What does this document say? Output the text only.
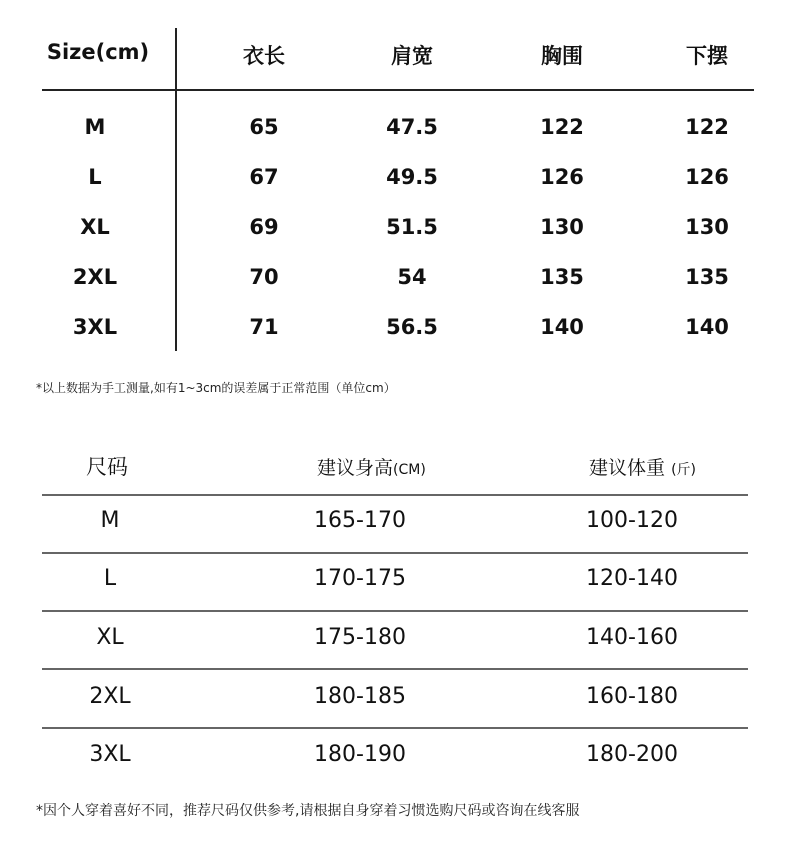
Size(cm)	衣长	肩宽	胸围	下摆
M	65	47.5	122	122
L	67	49.5	126	126
XL	69	51.5	130	130
2XL	70	54	135	135
3XL	71	56.5	140	140
*以上数据为手工测量,如有1~3cm的误差属于正常范围（单位cm）
尺码	建议身高(CM)	建议体重 (斤)
M	165-170	100-120
L	170-175	120-140
XL	175-180	140-160
2XL	180-185	160-180
3XL	180-190	180-200
*因个人穿着喜好不同，推荐尺码仅供参考,请根据自身穿着习惯选购尺码或咨询在线客服
